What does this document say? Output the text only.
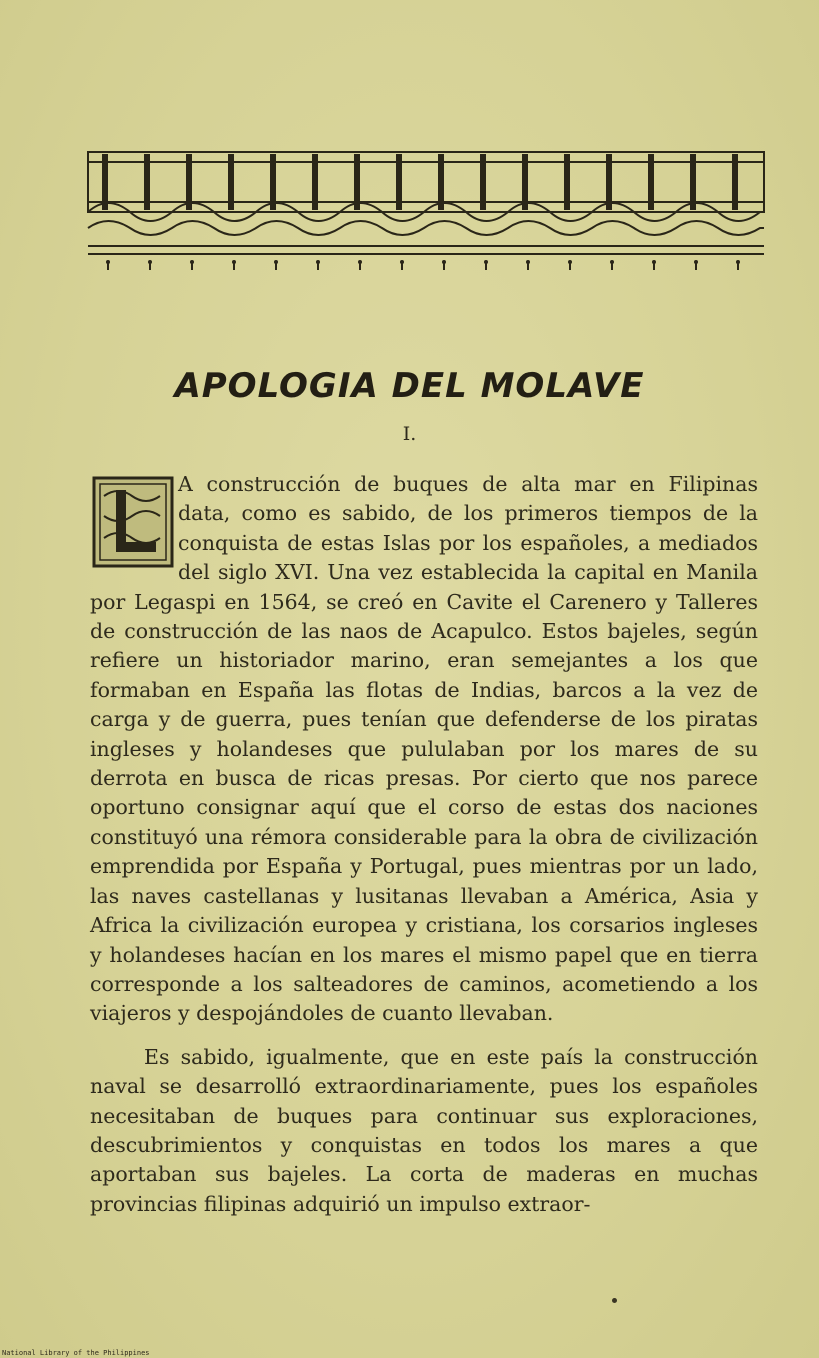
APOLOGIA DEL MOLAVE
I.

A construcción de buques de alta mar en Filipinas data, como es sabido, de los primeros tiempos de la conquista de estas Islas por los españoles, a mediados del siglo XVI. Una vez establecida la capital en Manila por Legaspi en 1564, se creó en Cavite el Carenero y Talleres de construcción de las naos de Acapulco. Estos bajeles, según refiere un historiador marino, eran semejantes a los que formaban en España las flotas de Indias, barcos a la vez de carga y de guerra, pues tenían que defenderse de los piratas ingleses y holandeses que pululaban por los mares de su derrota en busca de ricas presas. Por cierto que nos parece oportuno consignar aquí que el corso de estas dos naciones constituyó una rémora considerable para la obra de civilización emprendida por España y Portugal, pues mientras por un lado, las naves castellanas y lusitanas llevaban a América, Asia y Africa la civilización europea y cristiana, los corsarios ingleses y holandeses hacían en los mares el mismo papel que en tierra corresponde a los salteadores de caminos, acometiendo a los viajeros y despojándoles de cuanto llevaban.

Es sabido, igualmente, que en este país la construcción naval se desarrolló extraordinariamente, pues los españoles necesitaban de buques para continuar sus exploraciones, descubrimientos y conquistas en todos los mares a que aportaban sus bajeles. La corta de maderas en muchas provincias filipinas adquirió un impulso extraor-

National Library of the Philippines
